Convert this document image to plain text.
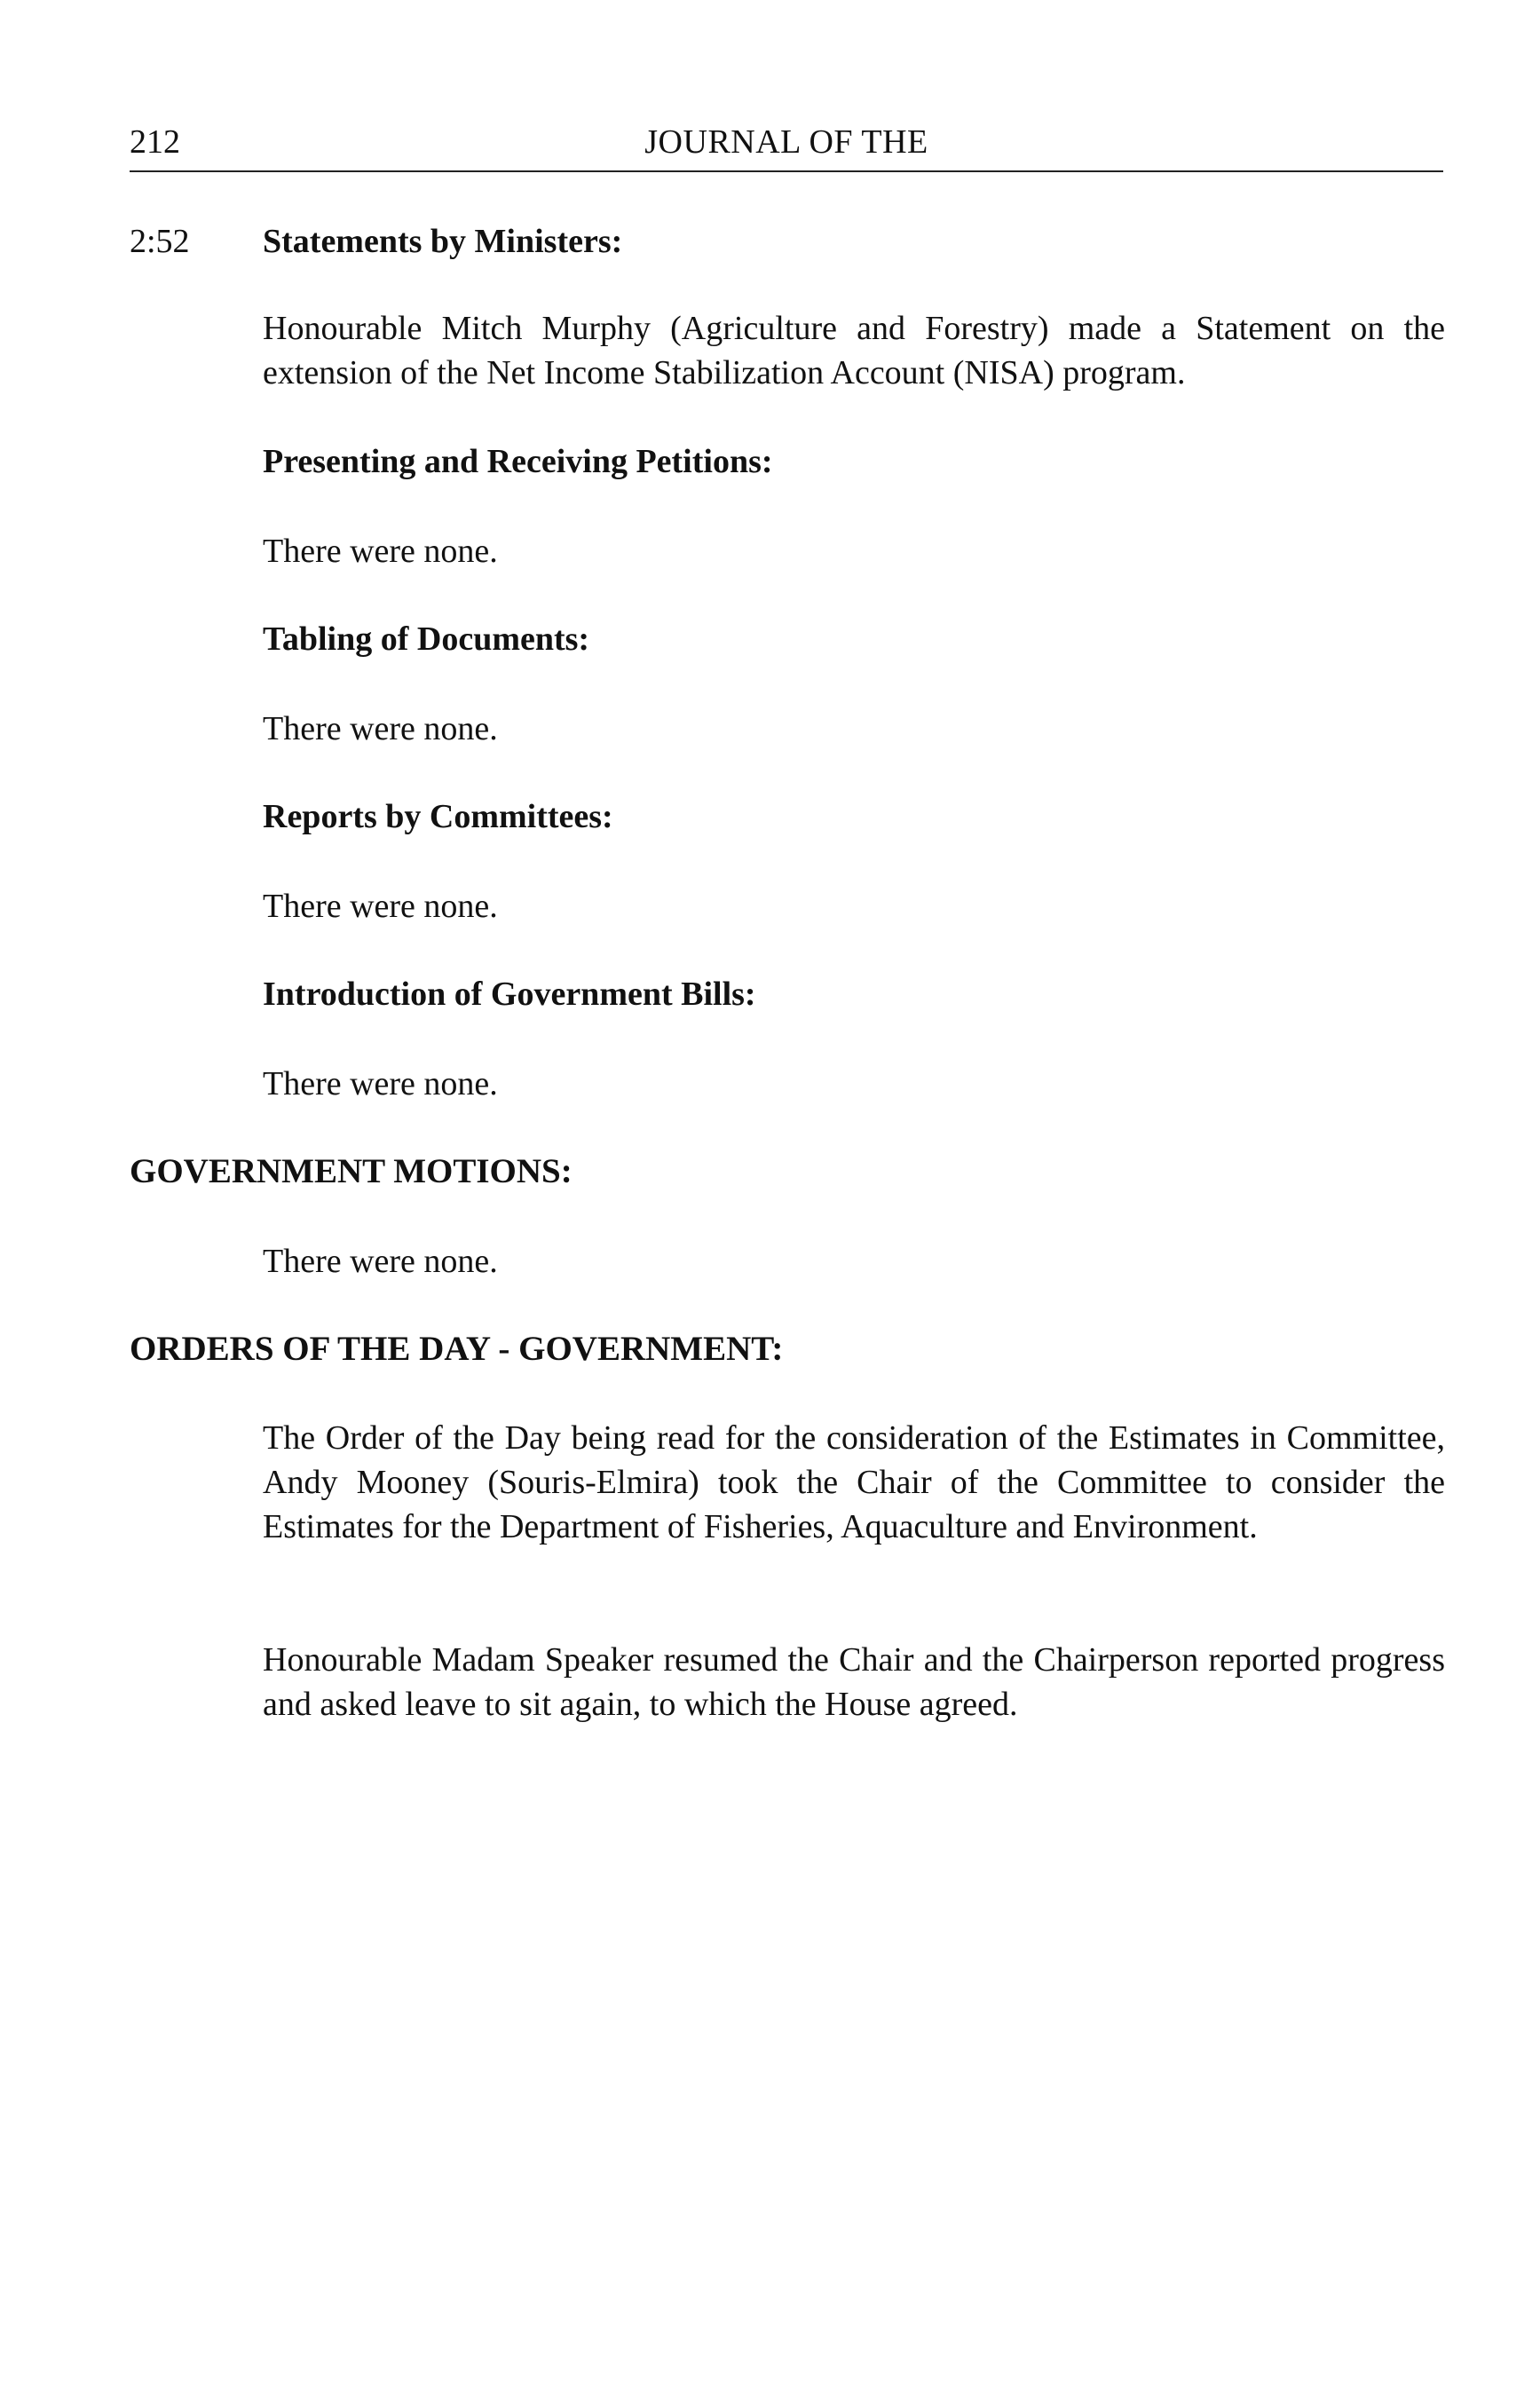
212	JOURNAL OF THE
2:52 Statements by Ministers:
Honourable Mitch Murphy (Agriculture and Forestry) made a Statement on the extension of the Net Income Stabilization Account (NISA) program.
Presenting and Receiving Petitions:
There were none.
Tabling of Documents:
There were none.
Reports by Committees:
There were none.
Introduction of Government Bills:
There were none.
GOVERNMENT MOTIONS:
There were none.
ORDERS OF THE DAY - GOVERNMENT:
The Order of the Day being read for the consideration of the Estimates in Committee, Andy Mooney (Souris-Elmira) took the Chair of the Committee to consider the Estimates for the Department of Fisheries, Aquaculture and Environment.
Honourable Madam Speaker resumed the Chair and the Chairperson reported progress and asked leave to sit again, to which the House agreed.
